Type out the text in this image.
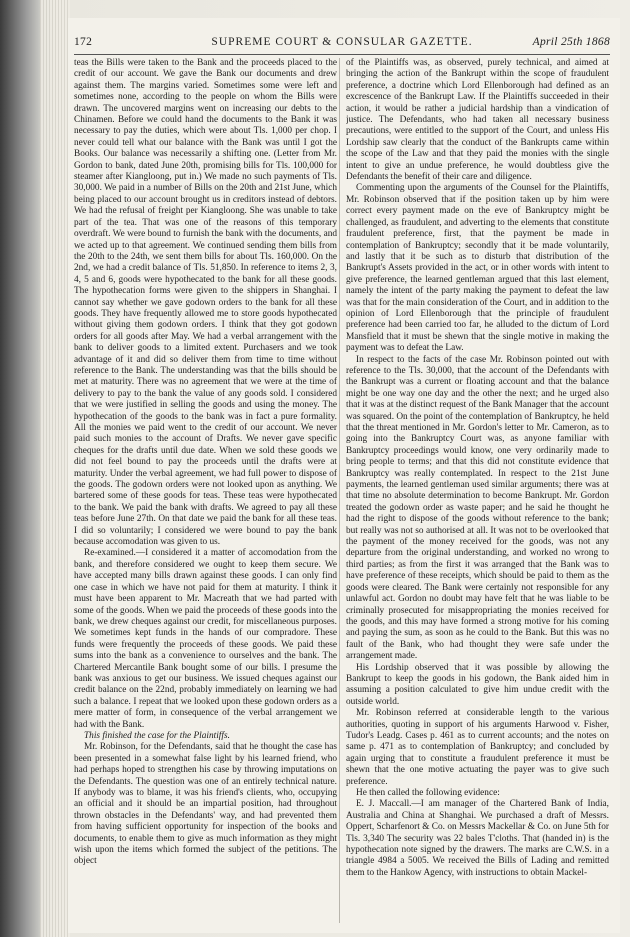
172	SUPREME COURT & CONSULAR GAZETTE.	April 25th 1868

teas the Bills were taken to the Bank and the proceeds placed to the credit of our account. We gave the Bank our documents and drew against them. The margins varied. Sometimes some were left and sometimes none, according to the people on whom the Bills were drawn. The uncovered margins went on increasing our debts to the Chinamen. Before we could hand the documents to the Bank it was necessary to pay the duties, which were about Tls. 1,000 per chop. I never could tell what our balance with the Bank was until I got the Books. Our balance was necessarily a shifting one. (Letter from Mr. Gordon to bank, dated June 20th, promising bills for Tls. 100,000 for steamer after Kiangloong, put in.) We made no such payments of Tls. 30,000. We paid in a number of Bills on the 20th and 21st June, which being placed to our account brought us in creditors instead of debtors. We had the refusal of freight per Kiangloong. She was unable to take part of the tea. That was one of the reasons of this temporary overdraft. We were bound to furnish the bank with the documents, and we acted up to that agreement. We continued sending them bills from the 20th to the 24th, we sent them bills for about Tls. 160,000. On the 2nd, we had a credit balance of Tls. 51,850. In reference to items 2, 3, 4, 5 and 6, goods were hypothecated to the bank for all these goods. The hypothecation forms were given to the shippers in Shanghai. I cannot say whether we gave godown orders to the bank for all these goods. They have frequently allowed me to store goods hypothecated without giving them godown orders. I think that they got godown orders for all goods after May. We had a verbal arrangement with the bank to deliver goods to a limited extent. Purchasers and we took advantage of it and did so deliver them from time to time without reference to the Bank. The understanding was that the bills should be met at maturity. There was no agreement that we were at the time of delivery to pay to the bank the value of any goods sold. I considered that we were justified in selling the goods and using the money. The hypothecation of the goods to the bank was in fact a pure formality. All the monies we paid went to the credit of our account. We never paid such monies to the account of Drafts. We never gave specific cheques for the drafts until due date. When we sold these goods we did not feel bound to pay the proceeds until the drafts were at maturity. Under the verbal agreement, we had full power to dispose of the goods. The godown orders were not looked upon as anything. We bartered some of these goods for teas. These teas were hypothecated to the bank. We paid the bank with drafts. We agreed to pay all these teas before June 27th. On that date we paid the bank for all these teas. I did so voluntarily; I considered we were bound to pay the bank because accomodation was given to us.

Re-examined.—I considered it a matter of accomodation from the bank, and therefore considered we ought to keep them secure. We have accepted many bills drawn against these goods. I can only find one case in which we have not paid for them at maturity. I think it must have been apparent to Mr. Macreath that we had parted with some of the goods. When we paid the proceeds of these goods into the bank, we drew cheques against our credit, for miscellaneous purposes. We sometimes kept funds in the hands of our compradore. These funds were frequently the proceeds of these goods. We paid these sums into the bank as a convenience to ourselves and the bank. The Chartered Mercantile Bank bought some of our bills. I presume the bank was anxious to get our business. We issued cheques against our credit balance on the 22nd, probably immediately on learning we had such a balance. I repeat that we looked upon these godown orders as a mere matter of form, in consequence of the verbal arrangement we had with the Bank.

This finished the case for the Plaintiffs.

Mr. Robinson, for the Defendants, said that he thought the case has been presented in a somewhat false light by his learned friend, who had perhaps hoped to strengthen his case by throwing imputations on the Defendants. The question was one of an entirely technical nature. If anybody was to blame, it was his friend's clients, who, occupying an official and it should be an impartial position, had throughout thrown obstacles in the Defendants' way, and had prevented them from having sufficient opportunity for inspection of the books and documents, to enable them to give as much information as they might wish upon the items which formed the subject of the petitions. The object

of the Plaintiffs was, as observed, purely technical, and aimed at bringing the action of the Bankrupt within the scope of fraudulent preference, a doctrine which Lord Ellenborough had defined as an excrescence of the Bankrupt Law. If the Plaintiffs succeeded in their action, it would be rather a judicial hardship than a vindication of justice. The Defendants, who had taken all necessary business precautions, were entitled to the support of the Court, and unless His Lordship saw clearly that the conduct of the Bankrupts came within the scope of the Law and that they paid the monies with the single intent to give an undue preference, he would doubtless give the Defendants the benefit of their care and diligence.

Commenting upon the arguments of the Counsel for the Plaintiffs, Mr. Robinson observed that if the position taken up by him were correct every payment made on the eve of Bankruptcy might be challenged, as fraudulent, and adverting to the elements that constitute fraudulent preference, first, that the payment be made in contemplation of Bankruptcy; secondly that it be made voluntarily, and lastly that it be such as to disturb that distribution of the Bankrupt's Assets provided in the act, or in other words with intent to give preference, the learned gentleman argued that this last element, namely the intent of the party making the payment to defeat the law was that for the main consideration of the Court, and in addition to the opinion of Lord Ellenborough that the principle of fraudulent preference had been carried too far, he alluded to the dictum of Lord Mansfield that it must be shewn that the single motive in making the payment was to defeat the Law.

In respect to the facts of the case Mr. Robinson pointed out with reference to the Tls. 30,000, that the account of the Defendants with the Bankrupt was a current or floating account and that the balance might be one way one day and the other the next; and he urged also that it was at the distinct request of the Bank Manager that the account was squared. On the point of the contemplation of Bankruptcy, he held that the threat mentioned in Mr. Gordon's letter to Mr. Cameron, as to going into the Bankruptcy Court was, as anyone familiar with Bankruptcy proceedings would know, one very ordinarily made to bring people to terms; and that this did not constitute evidence that Bankruptcy was really contemplated. In respect to the 21st June payments, the learned gentleman used similar arguments; there was at that time no absolute determination to become Bankrupt. Mr. Gordon treated the godown order as waste paper; and he said he thought he had the right to dispose of the goods without reference to the bank; but really was not so authorised at all. It was not to be overlooked that the payment of the money received for the goods, was not any departure from the original understanding, and worked no wrong to third parties; as from the first it was arranged that the Bank was to have preference of these receipts, which should be paid to them as the goods were cleared. The Bank were certainly not responsible for any unlawful act. Gordon no doubt may have felt that he was liable to be criminally prosecuted for misappropriating the monies received for the goods, and this may have formed a strong motive for his coming and paying the sum, as soon as he could to the Bank. But this was no fault of the Bank, who had thought they were safe under the arrangement made.

His Lordship observed that it was possible by allowing the Bankrupt to keep the goods in his godown, the Bank aided him in assuming a position calculated to give him undue credit with the outside world.

Mr. Robinson referred at considerable length to the various authorities, quoting in support of his arguments Harwood v. Fisher, Tudor's Leadg. Cases p. 461 as to current accounts; and the notes on same p. 471 as to contemplation of Bankruptcy; and concluded by again urging that to constitute a fraudulent preference it must be shewn that the one motive actuating the payer was to give such preference.

He then called the following evidence:

E. J. Maccall.—I am manager of the Chartered Bank of India, Australia and China at Shanghai. We purchased a draft of Messrs. Oppert, Scharfenort & Co. on Messrs Mackellar & Co. on June 5th for Tls. 3,340 The security was 22 bales T'cloths. That (handed in) is the hypothecation note signed by the drawers. The marks are C.W.S. in a triangle 4984 a 5005. We received the Bills of Lading and remitted them to the Hankow Agency, with instructions to obtain Mackel-
